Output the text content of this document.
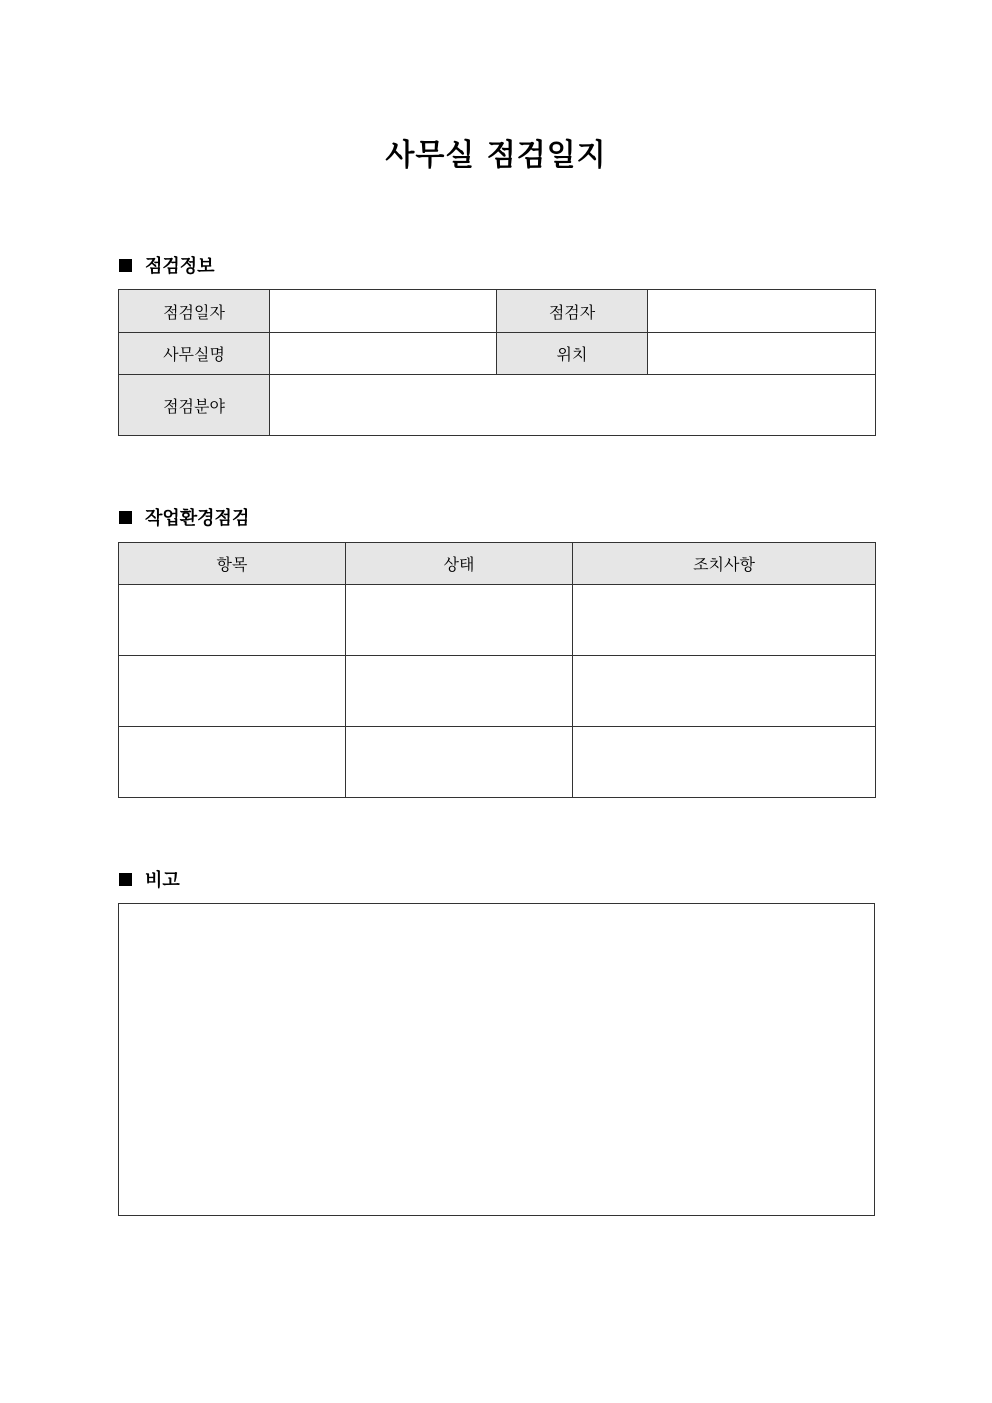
사무실 점검일지
점검정보
점검일자		점검자	
사무실명		위치	
점검분야			
작업환경점검
항목	상태	조치사항

비고
